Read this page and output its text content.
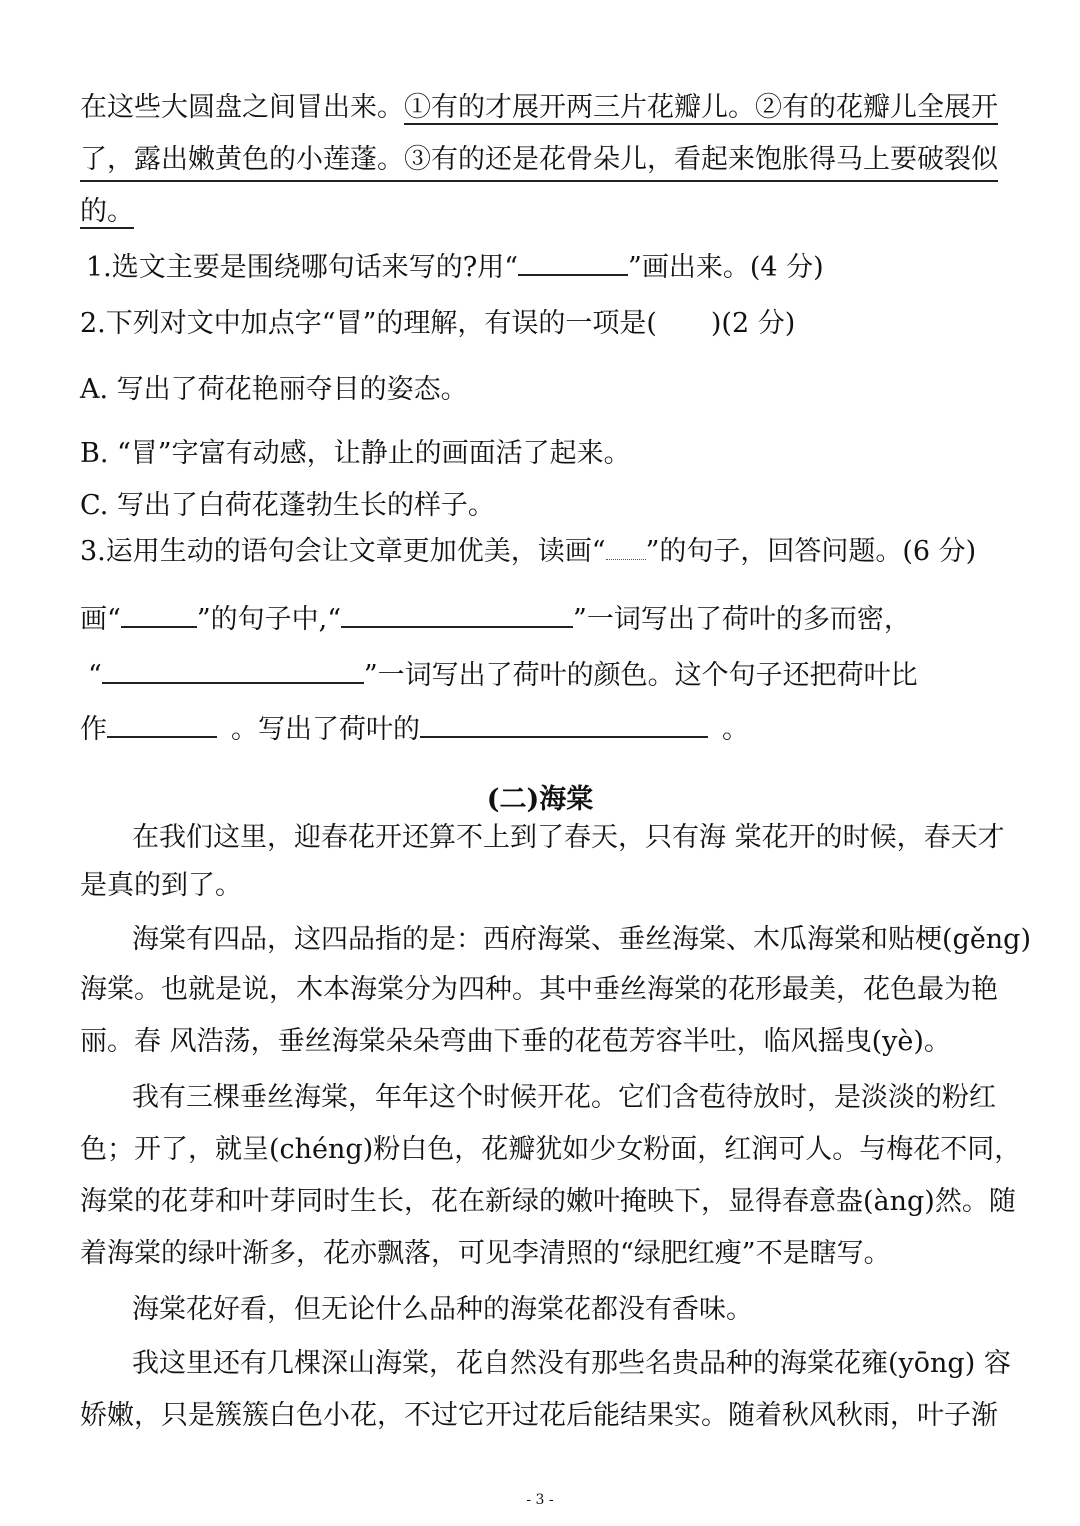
在这些大圆盘之间冒出来。①有的才展开两三片花瓣儿。②有的花瓣儿全展开
了，露出嫩黄色的小莲蓬。③有的还是花骨朵儿，看起来饱胀得马上要破裂似
的。
1.选文主要是围绕哪句话来写的?用“	”画出来。(4 分)
2.下列对文中加点字“冒”的理解，有误的一项是(　　)(2 分)
A. 写出了荷花艳丽夺目的姿态。
B. “冒”字富有动感，让静止的画面活了起来。
C. 写出了白荷花蓬勃生长的样子。
3.运用生动的语句会让文章更加优美，读画“ ”的句子，回答问题。(6 分)
画“	”的句子中,“	”一词写出了荷叶的多而密，
“	”一词写出了荷叶的颜色。这个句子还把荷叶比
作	。写出了荷叶的	。
(二)海棠
在我们这里，迎春花开还算不上到了春天，只有海 棠花开的时候，春天才
是真的到了。
海棠有四品，这四品指的是：西府海棠、垂丝海棠、木瓜海棠和贴梗(gěng)
海棠。也就是说，木本海棠分为四种。其中垂丝海棠的花形最美，花色最为艳
丽。春 风浩荡，垂丝海棠朵朵弯曲下垂的花苞芳容半吐，临风摇曳(yè)。
我有三棵垂丝海棠，年年这个时候开花。它们含苞待放时，是淡淡的粉红
色；开了，就呈(chéng)粉白色，花瓣犹如少女粉面，红润可人。与梅花不同，
海棠的花芽和叶芽同时生长，花在新绿的嫩叶掩映下，显得春意盎(àng)然。随
着海棠的绿叶渐多，花亦飘落，可见李清照的“绿肥红瘦”不是瞎写。
海棠花好看，但无论什么品种的海棠花都没有香味。
我这里还有几棵深山海棠，花自然没有那些名贵品种的海棠花雍(yōng) 容
娇嫩，只是簇簇白色小花，不过它开过花后能结果实。随着秋风秋雨，叶子渐
- 3 -
